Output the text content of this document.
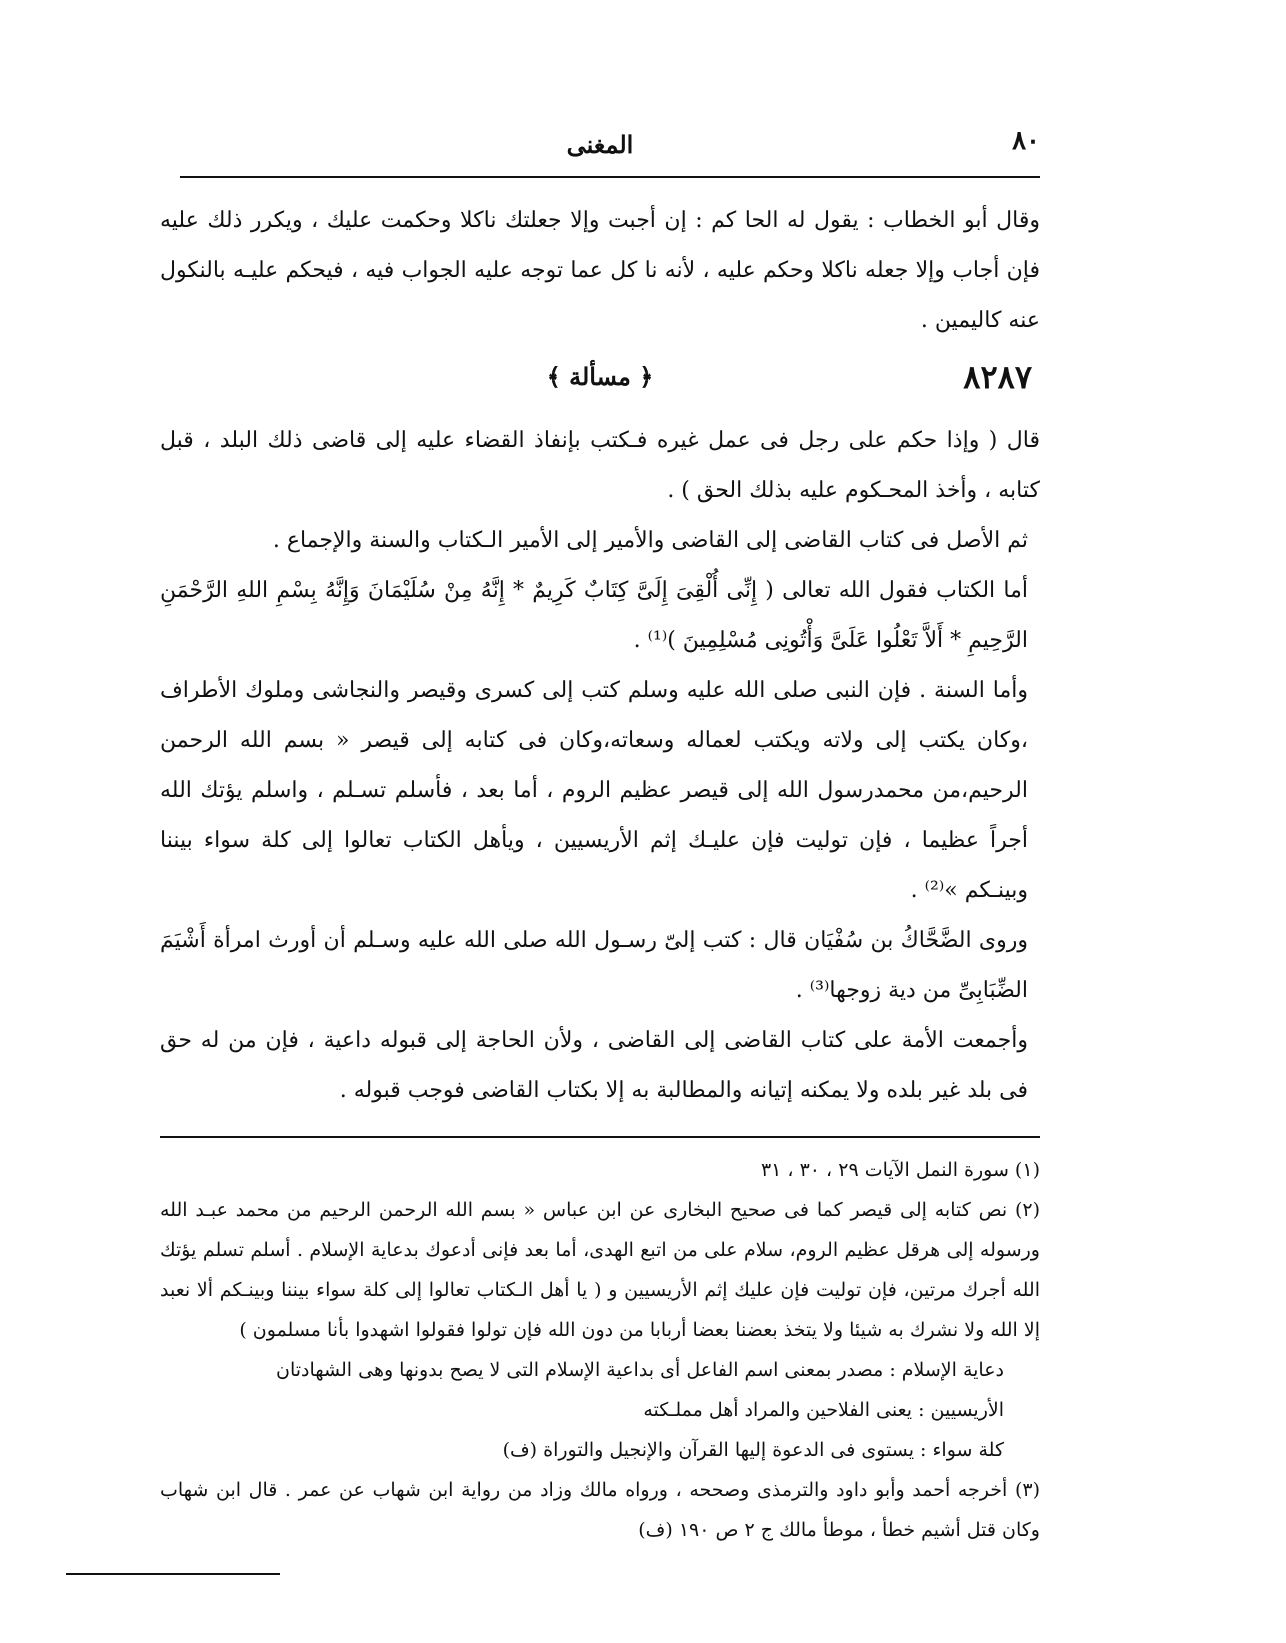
٨٠
المغنى

وقال أبو الخطاب : يقول له الحا كم : إن أجبت وإلا جعلتك ناكلا وحكمت عليك ، ويكرر ذلك عليه فإن أجاب وإلا جعله ناكلا وحكم عليه ، لأنه نا كل عما توجه عليه الجواب فيه ، فيحكم عليـه بالنكول عنه كاليمين .

٨٢٨٧
﴿ مسألة ﴾

قال ( وإذا حكم على رجل فى عمل غيره فـكتب بإنفاذ القضاء عليه إلى قاضى ذلك البلد ، قبل كتابه ، وأخذ المحـكوم عليه بذلك الحق ) .

ثم الأصل فى كتاب القاضى إلى القاضى والأمير إلى الأمير الـكتاب والسنة والإجماع .

أما الكتاب فقول الله تعالى ( إِنِّى أُلْقِىَ إِلَىَّ كِتَابٌ كَرِيمٌ * إِنَّهُ مِنْ سُلَيْمَانَ وَإِنَّهُ بِسْمِ اللهِ الرَّحْمَنِ الرَّحِيمِ * أَلاَّ تَعْلُوا عَلَىَّ وَأْتُونِى مُسْلِمِينَ )⁽¹⁾ .

وأما السنة . فإن النبى صلى الله عليه وسلم كتب إلى كسرى وقيصر والنجاشى وملوك الأطراف ،وكان يكتب إلى ولاته ويكتب لعماله وسعاته،وكان فى كتابه إلى قيصر « بسم الله الرحمن الرحيم،من محمدرسول الله إلى قيصر عظيم الروم ، أما بعد ، فأسلم تسـلم ، واسلم يؤتك الله أجراً عظيما ، فإن توليت فإن عليـك إثم الأريسيين ، ويأهل الكتاب تعالوا إلى كلة سواء بيننا وبينـكم »⁽²⁾ .

وروى الضَّحَّاكُ بن سُفْيَان قال : كتب إلىّ رسـول الله صلى الله عليه وسـلم أن أورث امرأة أَشْيَمَ الضِّبَابِىِّ من دية زوجها⁽³⁾ .

وأجمعت الأمة على كتاب القاضى إلى القاضى ، ولأن الحاجة إلى قبوله داعية ، فإن من له حق فى بلد غير بلده ولا يمكنه إتيانه والمطالبة به إلا بكتاب القاضى فوجب قبوله .

(١) سورة النمل الآيات ٢٩ ، ٣٠ ، ٣١

(٢) نص كتابه إلى قيصر كما فى صحيح البخارى عن ابن عباس « بسم الله الرحمن الرحيم من محمد عبـد الله ورسوله إلى هرقل عظيم الروم، سلام على من اتبع الهدى، أما بعد فإنى أدعوك بدعاية الإسلام . أسلم تسلم يؤتك الله أجرك مرتين، فإن توليت فإن عليك إثم الأريسيين و ( يا أهل الـكتاب تعالوا إلى كلة سواء بيننا وبينـكم ألا نعبد إلا الله ولا نشرك به شيئا ولا يتخذ بعضنا بعضا أربابا من دون الله فإن تولوا فقولوا اشهدوا بأنا مسلمون )

دعاية الإسلام : مصدر بمعنى اسم الفاعل أى بداعية الإسلام التى لا يصح بدونها وهى الشهادتان

الأريسيين : يعنى الفلاحين والمراد أهل مملـكته

كلة سواء : يستوى فى الدعوة إليها القرآن والإنجيل والتوراة (ف)

(٣) أخرجه أحمد وأبو داود والترمذى وصححه ، ورواه مالك وزاد من رواية ابن شهاب عن عمر . قال ابن شهاب وكان قتل أشيم خطأ ، موطأ مالك ج ٢ ص ١٩٠ (ف)
